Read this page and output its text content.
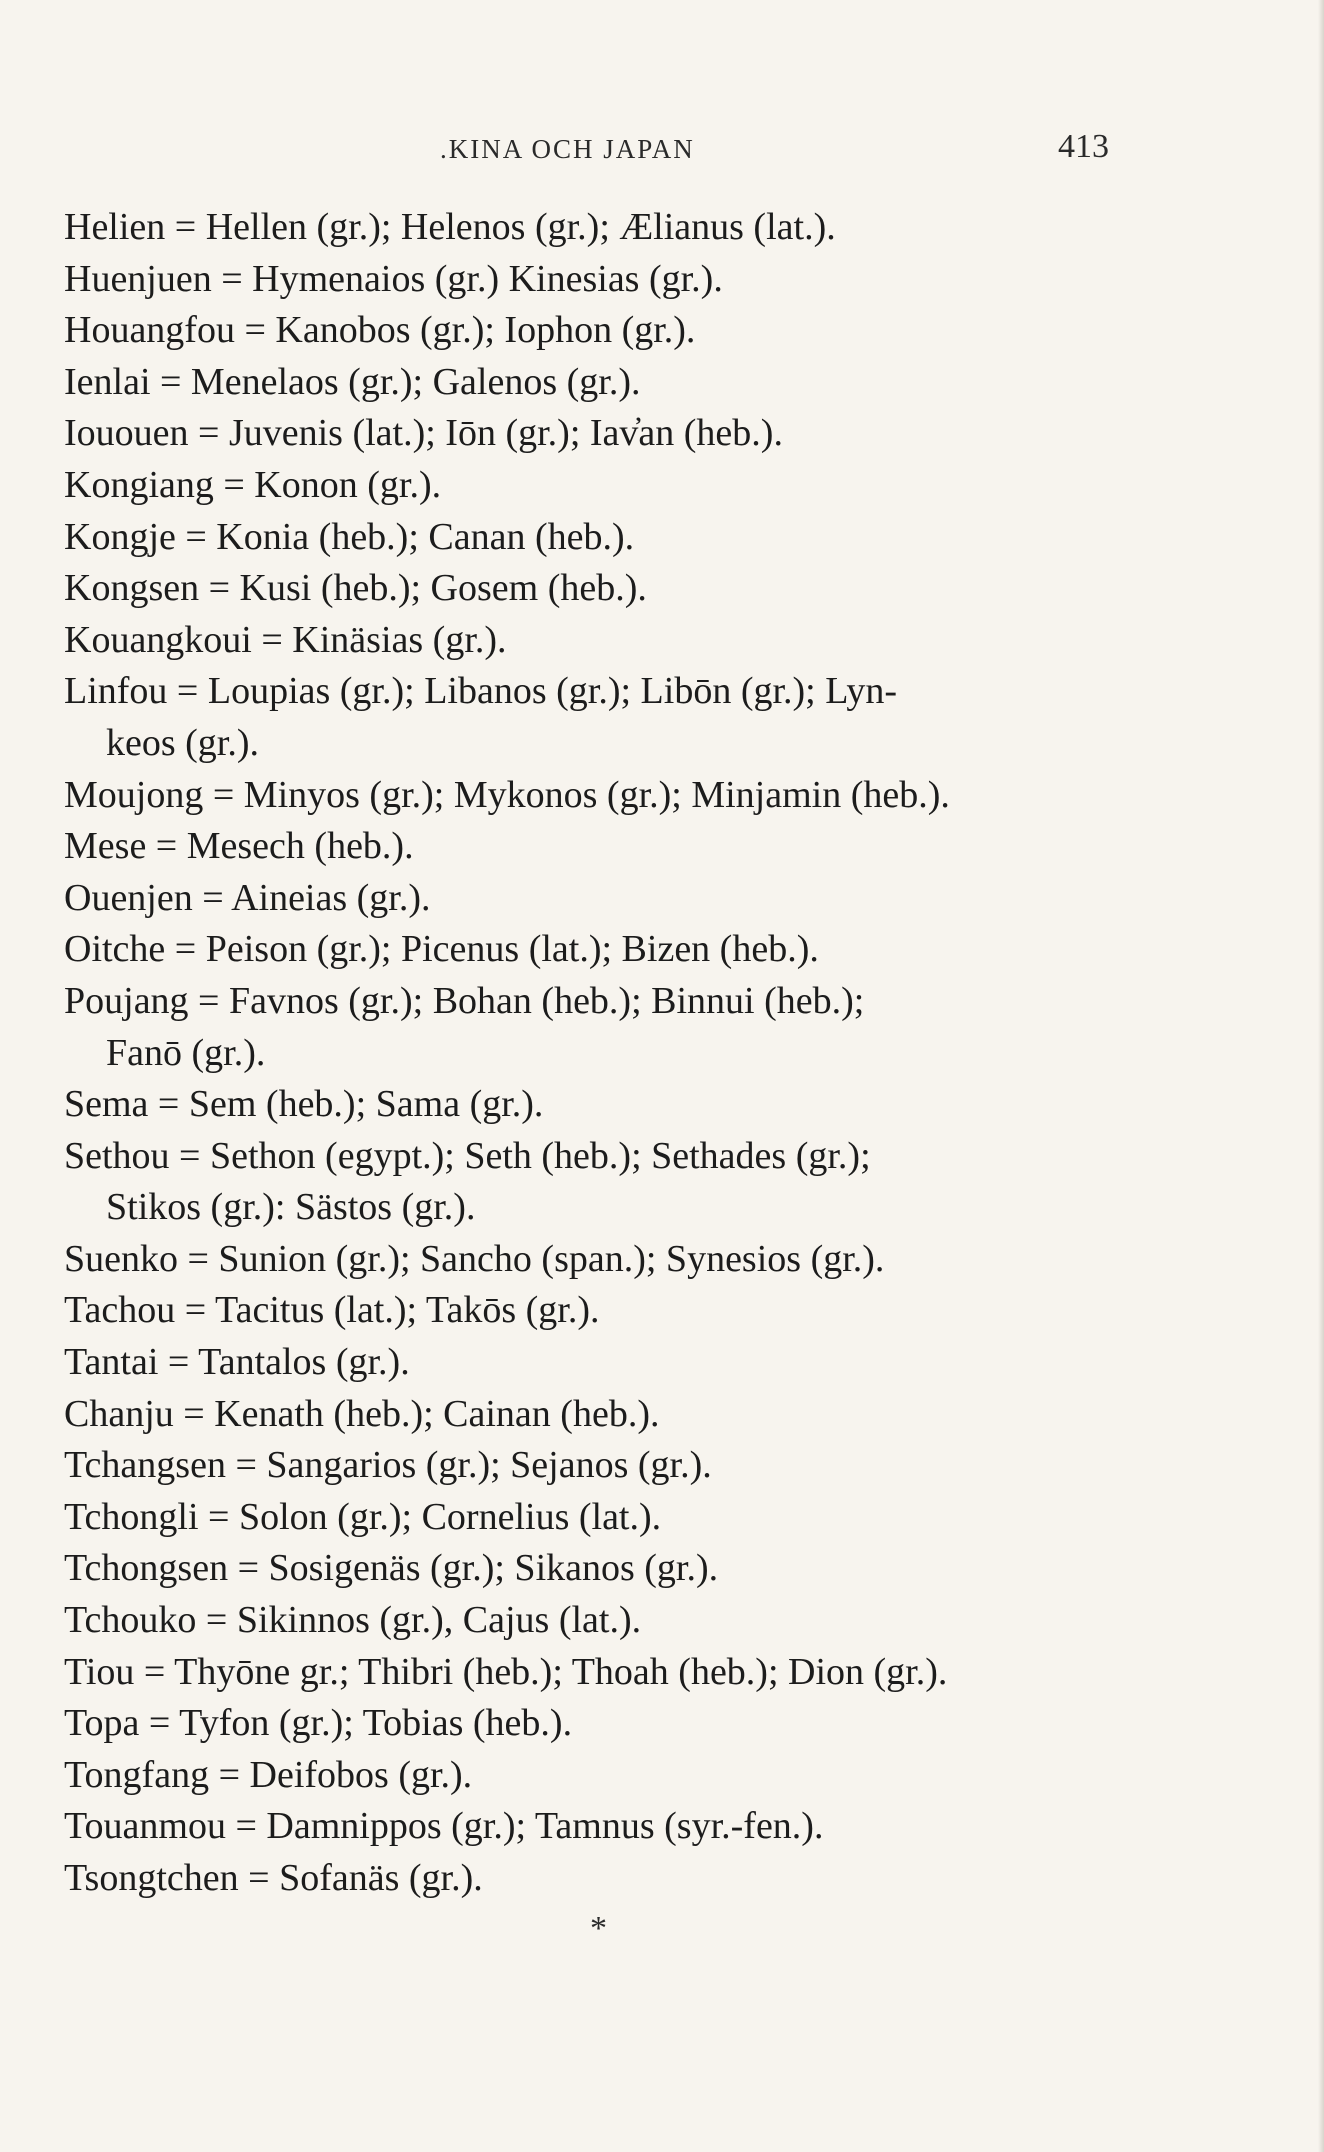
.KINA OCH JAPAN	413
Helien = Hellen (gr.); Helenos (gr.); Ælianus (lat.).
Huenjuen = Hymenaios (gr.) Kinesias (gr.).
Houangfou = Kanobos (gr.); Iophon (gr.).
Ienlai = Menelaos (gr.); Galenos (gr.).
Iououen = Juvenis (lat.); Iōn (gr.); Iav̓an (heb.).
Kongiang = Konon (gr.).
Kongje = Konia (heb.); Canan (heb.).
Kongsen = Kusi (heb.); Gosem (heb.).
Kouangkoui = Kinäsias (gr.).
Linfou = Loupias (gr.); Libanos (gr.); Libōn (gr.); Lyn-
keos (gr.).
Moujong = Minyos (gr.); Mykonos (gr.); Minjamin (heb.).
Mese = Mesech (heb.).
Ouenjen = Aineias (gr.).
Oitche = Peison (gr.); Picenus (lat.); Bizen (heb.).
Poujang = Favnos (gr.); Bohan (heb.); Binnui (heb.);
Fanō (gr.).
Sema = Sem (heb.); Sama (gr.).
Sethou = Sethon (egypt.); Seth (heb.); Sethades (gr.);
Stikos (gr.): Sästos (gr.).
Suenko = Sunion (gr.); Sancho (span.); Synesios (gr.).
Tachou = Tacitus (lat.); Takōs (gr.).
Tantai = Tantalos (gr.).
Chanju = Kenath (heb.); Cainan (heb.).
Tchangsen = Sangarios (gr.); Sejanos (gr.).
Tchongli = Solon (gr.); Cornelius (lat.).
Tchongsen = Sosigenäs (gr.); Sikanos (gr.).
Tchouko = Sikinnos (gr.), Cajus (lat.).
Tiou = Thyōne gr.; Thibri (heb.); Thoah (heb.); Dion (gr.).
Topa = Tyfon (gr.); Tobias (heb.).
Tongfang = Deifobos (gr.).
Touanmou = Damnippos (gr.); Tamnus (syr.-fen.).
Tsongtchen = Sofanäs (gr.).
*
